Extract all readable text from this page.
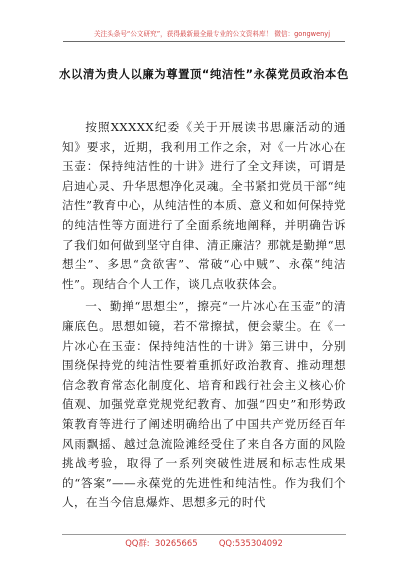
关注头条号“公文研究”，获得最新最全最专业的公文资料库！ 微信：gongwenyj
水以清为贵人以廉为尊置顶“纯洁性”永葆党员政治本色

按照XXXXX纪委《关于开展读书思廉活动的通知》要求，近期，我利用工作之余，对《一片冰心在玉壶：保持纯洁性的十讲》进行了全文拜读，可谓是启迪心灵、升华思想净化灵魂。全书紧扣党员干部“纯洁性”教育中心，从纯洁性的本质、意义和如何保持党的纯洁性等方面进行了全面系统地阐释，并明确告诉了我们如何做到坚守自律、清正廉洁？那就是勤掸“思想尘”、多思“贪欲害”、常破“心中贼”、永葆“纯洁性”。现结合个人工作，谈几点收获体会。

一、勤掸“思想尘”，擦亮“一片冰心在玉壶”的清廉底色。思想如镜，若不常擦拭，便会蒙尘。在《一片冰心在玉壶：保持纯洁性的十讲》第三讲中，分别围绕保持党的纯洁性要着重抓好政治教育、推动理想信念教育常态化制度化、培育和践行社会主义核心价值观、加强党章党规党纪教育、加强“四史”和形势政策教育等进行了阐述明确给出了中国共产党历经百年风雨飘摇、越过急流险滩经受住了来自各方面的风险挑战考验，取得了一系列突破性进展和标志性成果的“答案”——永葆党的先进性和纯洁性。作为我们个人，在当今信息爆炸、思想多元的时代

QQ群:  30265665        QQ:535304092
